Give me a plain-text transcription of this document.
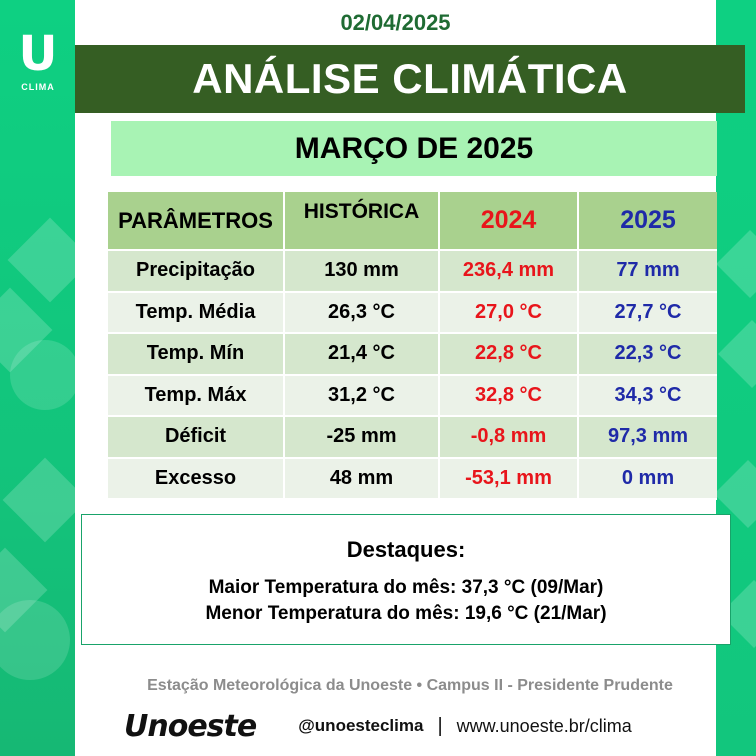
U
CLIMA
02/04/2025
ANÁLISE CLIMÁTICA
MARÇO DE 2025
PARÂMETROS	HISTÓRICA	2024	2025
Precipitação	130 mm	236,4 mm	77 mm
Temp. Média	26,3 °C	27,0 °C	27,7 °C
Temp. Mín	21,4 °C	22,8 °C	22,3 °C
Temp. Máx	31,2 °C	32,8 °C	34,3 °C
Déficit	-25 mm	-0,8 mm	97,3 mm
Excesso	48 mm	-53,1 mm	0 mm
Destaques:
Maior Temperatura do mês: 37,3 °C (09/Mar)
Menor Temperatura do mês: 19,6 °C (21/Mar)
Estação Meteorológica da Unoeste • Campus II - Presidente Prudente
Unoeste @unoesteclima | www.unoeste.br/clima
